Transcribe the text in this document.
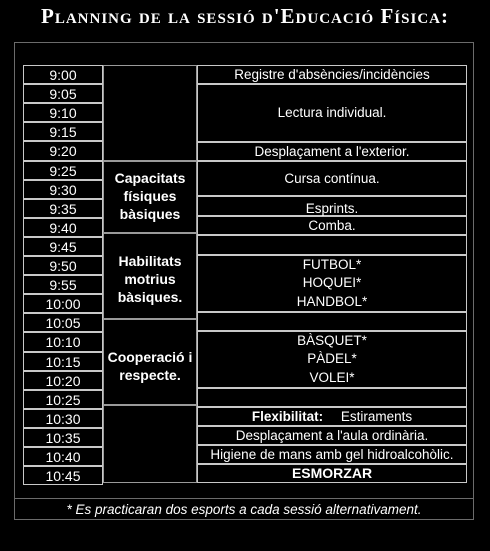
Planning de la sessió d'Educació Física:
9:00
9:05
9:10
9:15
9:20
9:25
9:30
9:35
9:40
9:45
9:50
9:55
10:00
10:05
10:10
10:15
10:20
10:25
10:30
10:35
10:40
10:45
Capacitats físiques bàsiques
Habilitats motrius bàsiques.
Cooperació i respecte.
Registre d'absències/incidències
Lectura individual.
Desplaçament a l'exterior.
Cursa contínua.
Esprints.
Comba.
FUTBOL*
HOQUEI*
HANDBOL*
BÀSQUET*
PÀDEL*
VOLEI*
Flexibilitat: Estiraments
Desplaçament a l'aula ordinària.
Higiene de mans amb gel hidroalcohòlic.
ESMORZAR
* Es practicaran dos esports a cada sessió alternativament.
